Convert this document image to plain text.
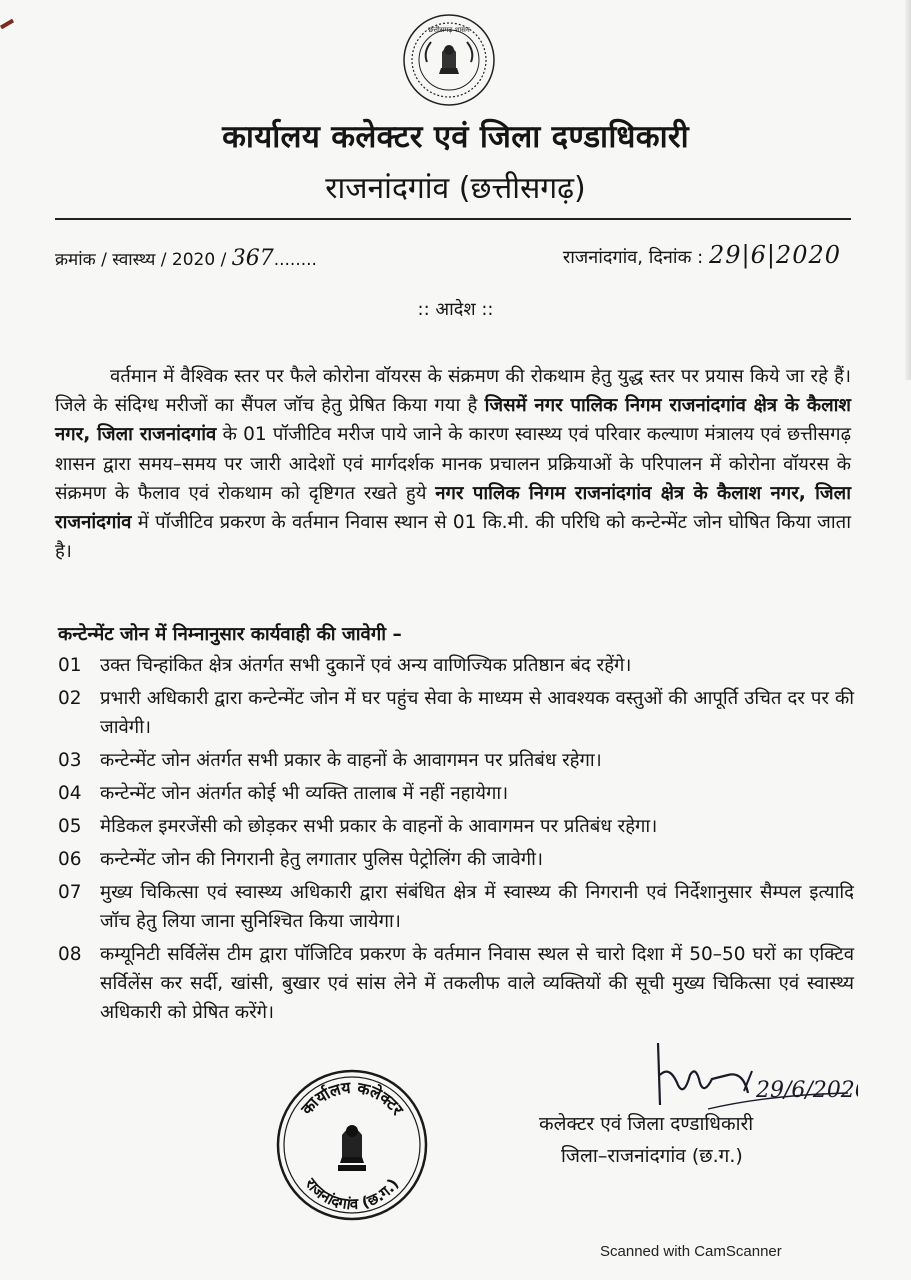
छत्तीसगढ़ शासन
कार्यालय कलेक्टर एवं जिला दण्डाधिकारी
राजनांदगांव (छत्तीसगढ़)
क्रमांक / स्वास्थ्य / 2020 / 367........	राजनांदगांव, दिनांक : 29|6|2020
:: आदेश ::
वर्तमान में वैश्विक स्तर पर फैले कोरोना वॉयरस के संक्रमण की रोकथाम हेतु युद्ध स्तर पर प्रयास किये जा रहे हैं। जिले के संदिग्ध मरीजों का सैंपल जॉच हेतु प्रेषित किया गया है जिसमें नगर पालिक निगम राजनांदगांव क्षेत्र के कैलाश नगर, जिला राजनांदगांव के 01 पॉजीटिव मरीज पाये जाने के कारण स्वास्थ्य एवं परिवार कल्याण मंत्रालय एवं छत्तीसगढ़ शासन द्वारा समय–समय पर जारी आदेशों एवं मार्गदर्शक मानक प्रचालन प्रक्रियाओं के परिपालन में कोरोना वॉयरस के संक्रमण के फैलाव एवं रोकथाम को दृष्टिगत रखते हुये नगर पालिक निगम राजनांदगांव क्षेत्र के कैलाश नगर, जिला राजनांदगांव में पॉजीटिव प्रकरण के वर्तमान निवास स्थान से 01 कि.मी. की परिधि को कन्टेन्मेंट जोन घोषित किया जाता है।
कन्टेन्मेंट जोन में निम्नानुसार कार्यवाही की जावेगी –
01 उक्त चिन्हांकित क्षेत्र अंतर्गत सभी दुकानें एवं अन्य वाणिज्यिक प्रतिष्ठान बंद रहेंगे।
02 प्रभारी अधिकारी द्वारा कन्टेन्मेंट जोन में घर पहुंच सेवा के माध्यम से आवश्यक वस्तुओं की आपूर्ति उचित दर पर की जावेगी।
03 कन्टेन्मेंट जोन अंतर्गत सभी प्रकार के वाहनों के आवागमन पर प्रतिबंध रहेगा।
04 कन्टेन्मेंट जोन अंतर्गत कोई भी व्यक्ति तालाब में नहीं नहायेगा।
05 मेडिकल इमरजेंसी को छोड़कर सभी प्रकार के वाहनों के आवागमन पर प्रतिबंध रहेगा।
06 कन्टेन्मेंट जोन की निगरानी हेतु लगातार पुलिस पेट्रोलिंग की जावेगी।
07 मुख्य चिकित्सा एवं स्वास्थ्य अधिकारी द्वारा संबंधित क्षेत्र में स्वास्थ्य की निगरानी एवं निर्देशानुसार सैम्पल इत्यादि जॉच हेतु लिया जाना सुनिश्चित किया जायेगा।
08 कम्यूनिटी सर्विलेंस टीम द्वारा पॉजिटिव प्रकरण के वर्तमान निवास स्थल से चारो दिशा में 50–50 घरों का एक्टिव सर्विलेंस कर सर्दी, खांसी, बुखार एवं सांस लेने में तकलीफ वाले व्यक्तियों की सूची मुख्य चिकित्सा एवं स्वास्थ्य अधिकारी को प्रेषित करेंगे।
कार्यालय कलेक्टर
राजनांदगांव (छ.ग.)
29/6/2020
कलेक्टर एवं जिला दण्डाधिकारी
जिला–राजनांदगांव (छ.ग.)
Scanned with CamScanner
